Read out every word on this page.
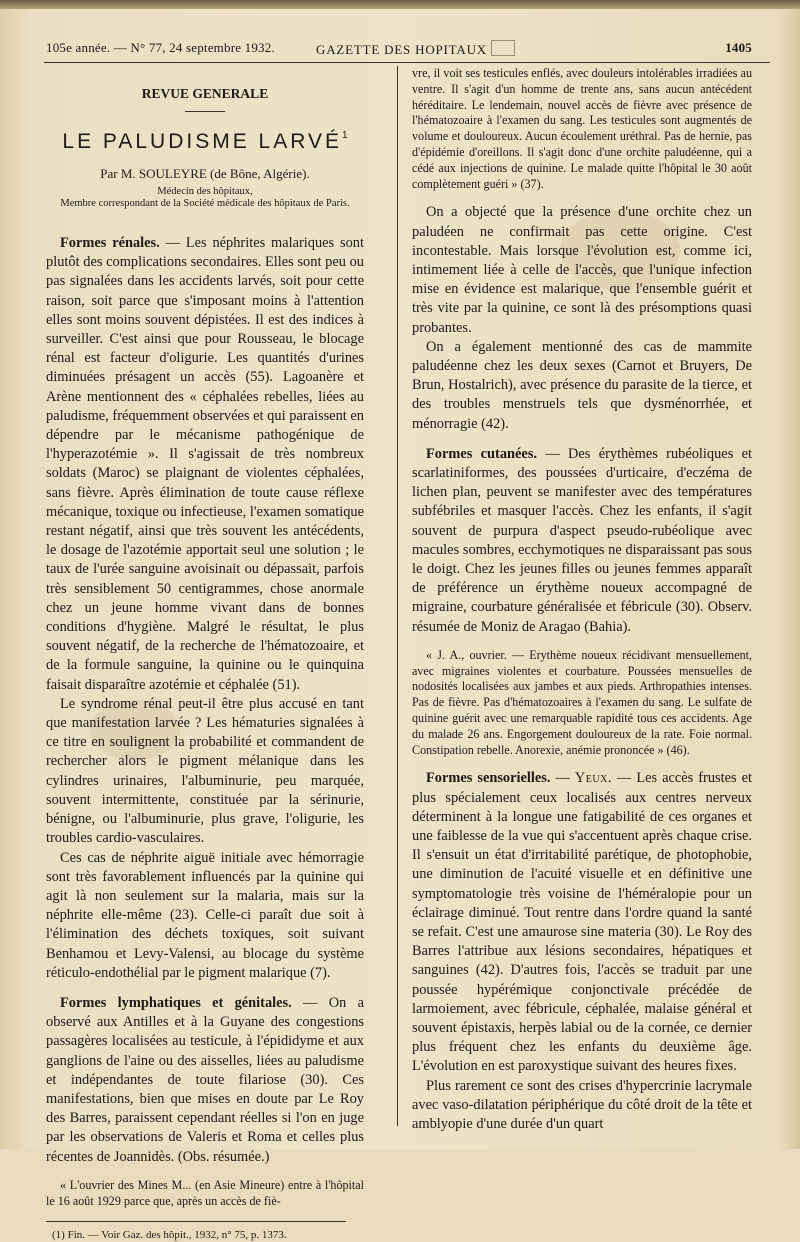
105e année. — N° 77, 24 septembre 1932.	GAZETTE DES HOPITAUX	1405
REVUE GENERALE
LE PALUDISME LARVÉ$^1$
Par M. SOULEYRE (de Bône, Algérie).
Médecin des hôpitaux,
Membre correspondant de la Société médicale des hôpitaux de Paris.

Formes rénales. — Les néphrites malariques sont plutôt des complications secondaires. Elles sont peu ou pas signalées dans les accidents larvés, soit pour cette raison, soit parce que s'imposant moins à l'attention elles sont moins souvent dépistées. Il est des indices à surveiller. C'est ainsi que pour Rousseau, le blocage rénal est facteur d'oligurie. Les quantités d'urines diminuées présagent un accès (55). Lagoanère et Arène mentionnent des « céphalées rebelles, liées au paludisme, fréquemment observées et qui paraissent en dépendre par le mécanisme pathogénique de l'hyperazotémie ». Il s'agissait de très nombreux soldats (Maroc) se plaignant de violentes céphalées, sans fièvre. Après élimination de toute cause réflexe mécanique, toxique ou infectieuse, l'examen somatique restant négatif, ainsi que très souvent les antécédents, le dosage de l'azotémie apportait seul une solution ; le taux de l'urée sanguine avoisinait ou dépassait, parfois très sensiblement 50 centigrammes, chose anormale chez un jeune homme vivant dans de bonnes conditions d'hygiène. Malgré le résultat, le plus souvent négatif, de la recherche de l'hématozoaire, et de la formule sanguine, la quinine ou le quinquina faisait disparaître azotémie et céphalée (51).

Le syndrome rénal peut-il être plus accusé en tant que manifestation larvée ? Les hématuries signalées à ce titre en soulignent la probabilité et commandent de rechercher alors le pigment mélanique dans les cylindres urinaires, l'albuminurie, peu marquée, souvent intermittente, constituée par la sérinurie, bénigne, ou l'albuminurie, plus grave, l'oligurie, les troubles cardio-vasculaires.

Ces cas de néphrite aiguë initiale avec hémorragie sont très favorablement influencés par la quinine qui agit là non seulement sur la malaria, mais sur la néphrite elle-même (23). Celle-ci paraît due soit à l'élimination des déchets toxiques, soit suivant Benhamou et Levy-Valensi, au blocage du système réticulo-endothélial par le pigment malarique (7).

Formes lymphatiques et génitales. — On a observé aux Antilles et à la Guyane des congestions passagères localisées au testicule, à l'épididyme et aux ganglions de l'aine ou des aisselles, liées au paludisme et indépendantes de toute filariose (30). Ces manifestations, bien que mises en doute par Le Roy des Barres, paraissent cependant réelles si l'on en juge par les observations de Valeris et Roma et celles plus récentes de Joannidès. (Obs. résumée.)

« L'ouvrier des Mines M... (en Asie Mineure) entre à l'hôpital le 16 août 1929 parce que, après un accès de fiè-

(1) Fin. — Voir Gaz. des hôpit., 1932, n° 75, p. 1373.

vre, il voit ses testicules enflés, avec douleurs intolérables irradiées au ventre. Il s'agit d'un homme de trente ans, sans aucun antécédent héréditaire. Le lendemain, nouvel accès de fièvre avec présence de l'hématozoaire à l'examen du sang. Les testicules sont augmentés de volume et douloureux. Aucun écoulement uréthral. Pas de hernie, pas d'épidémie d'oreillons. Il s'agit donc d'une orchite paludéenne, qui a cédé aux injections de quinine. Le malade quitte l'hôpital le 30 août complètement guéri » (37).

On a objecté que la présence d'une orchite chez un paludéen ne confirmait pas cette origine. C'est incontestable. Mais lorsque l'évolution est, comme ici, intimement liée à celle de l'accès, que l'unique infection mise en évidence est malarique, que l'ensemble guérit et très vite par la quinine, ce sont là des présomptions quasi probantes.

On a également mentionné des cas de mammite paludéenne chez les deux sexes (Carnot et Bruyers, De Brun, Hostalrich), avec présence du parasite de la tierce, et des troubles menstruels tels que dysménorrhée, et ménorragie (42).

Formes cutanées. — Des érythèmes rubéoliques et scarlatiniformes, des poussées d'urticaire, d'eczéma de lichen plan, peuvent se manifester avec des températures subfébriles et masquer l'accès. Chez les enfants, il s'agit souvent de purpura d'aspect pseudo-rubéolique avec macules sombres, ecchymotiques ne disparaissant pas sous le doigt. Chez les jeunes filles ou jeunes femmes apparaît de préférence un érythème noueux accompagné de migraine, courbature généralisée et fébricule (30). Observ. résumée de Moniz de Aragao (Bahia).

« J. A., ouvrier. — Erythème noueux récidivant mensuellement, avec migraines violentes et courbature. Poussées mensuelles de nodosités localisées aux jambes et aux pieds. Arthropathies intenses. Pas de fièvre. Pas d'hématozoaires à l'examen du sang. Le sulfate de quinine guérit avec une remarquable rapidité tous ces accidents. Age du malade 26 ans. Engorgement douloureux de la rate. Foie normal. Constipation rebelle. Anorexie, anémie prononcée » (46).

Formes sensorielles. — Yeux. — Les accès frustes et plus spécialement ceux localisés aux centres nerveux déterminent à la longue une fatigabilité de ces organes et une faiblesse de la vue qui s'accentuent après chaque crise. Il s'ensuit un état d'irritabilité parétique, de photophobie, une diminution de l'acuité visuelle et en définitive une symptomatologie très voisine de l'héméralopie pour un éclairage diminué. Tout rentre dans l'ordre quand la santé se refait. C'est une amaurose sine materia (30). Le Roy des Barres l'attribue aux lésions secondaires, hépatiques et sanguines (42). D'autres fois, l'accès se traduit par une poussée hypérémique conjonctivale précédée de larmoiement, avec fébricule, céphalée, malaise général et souvent épistaxis, herpès labial ou de la cornée, ce dernier plus fréquent chez les enfants du deuxième âge. L'évolution en est paroxystique suivant des heures fixes.

Plus rarement ce sont des crises d'hypercrinie lacrymale avec vaso-dilatation périphérique du côté droit de la tête et amblyopie d'une durée d'un quart
